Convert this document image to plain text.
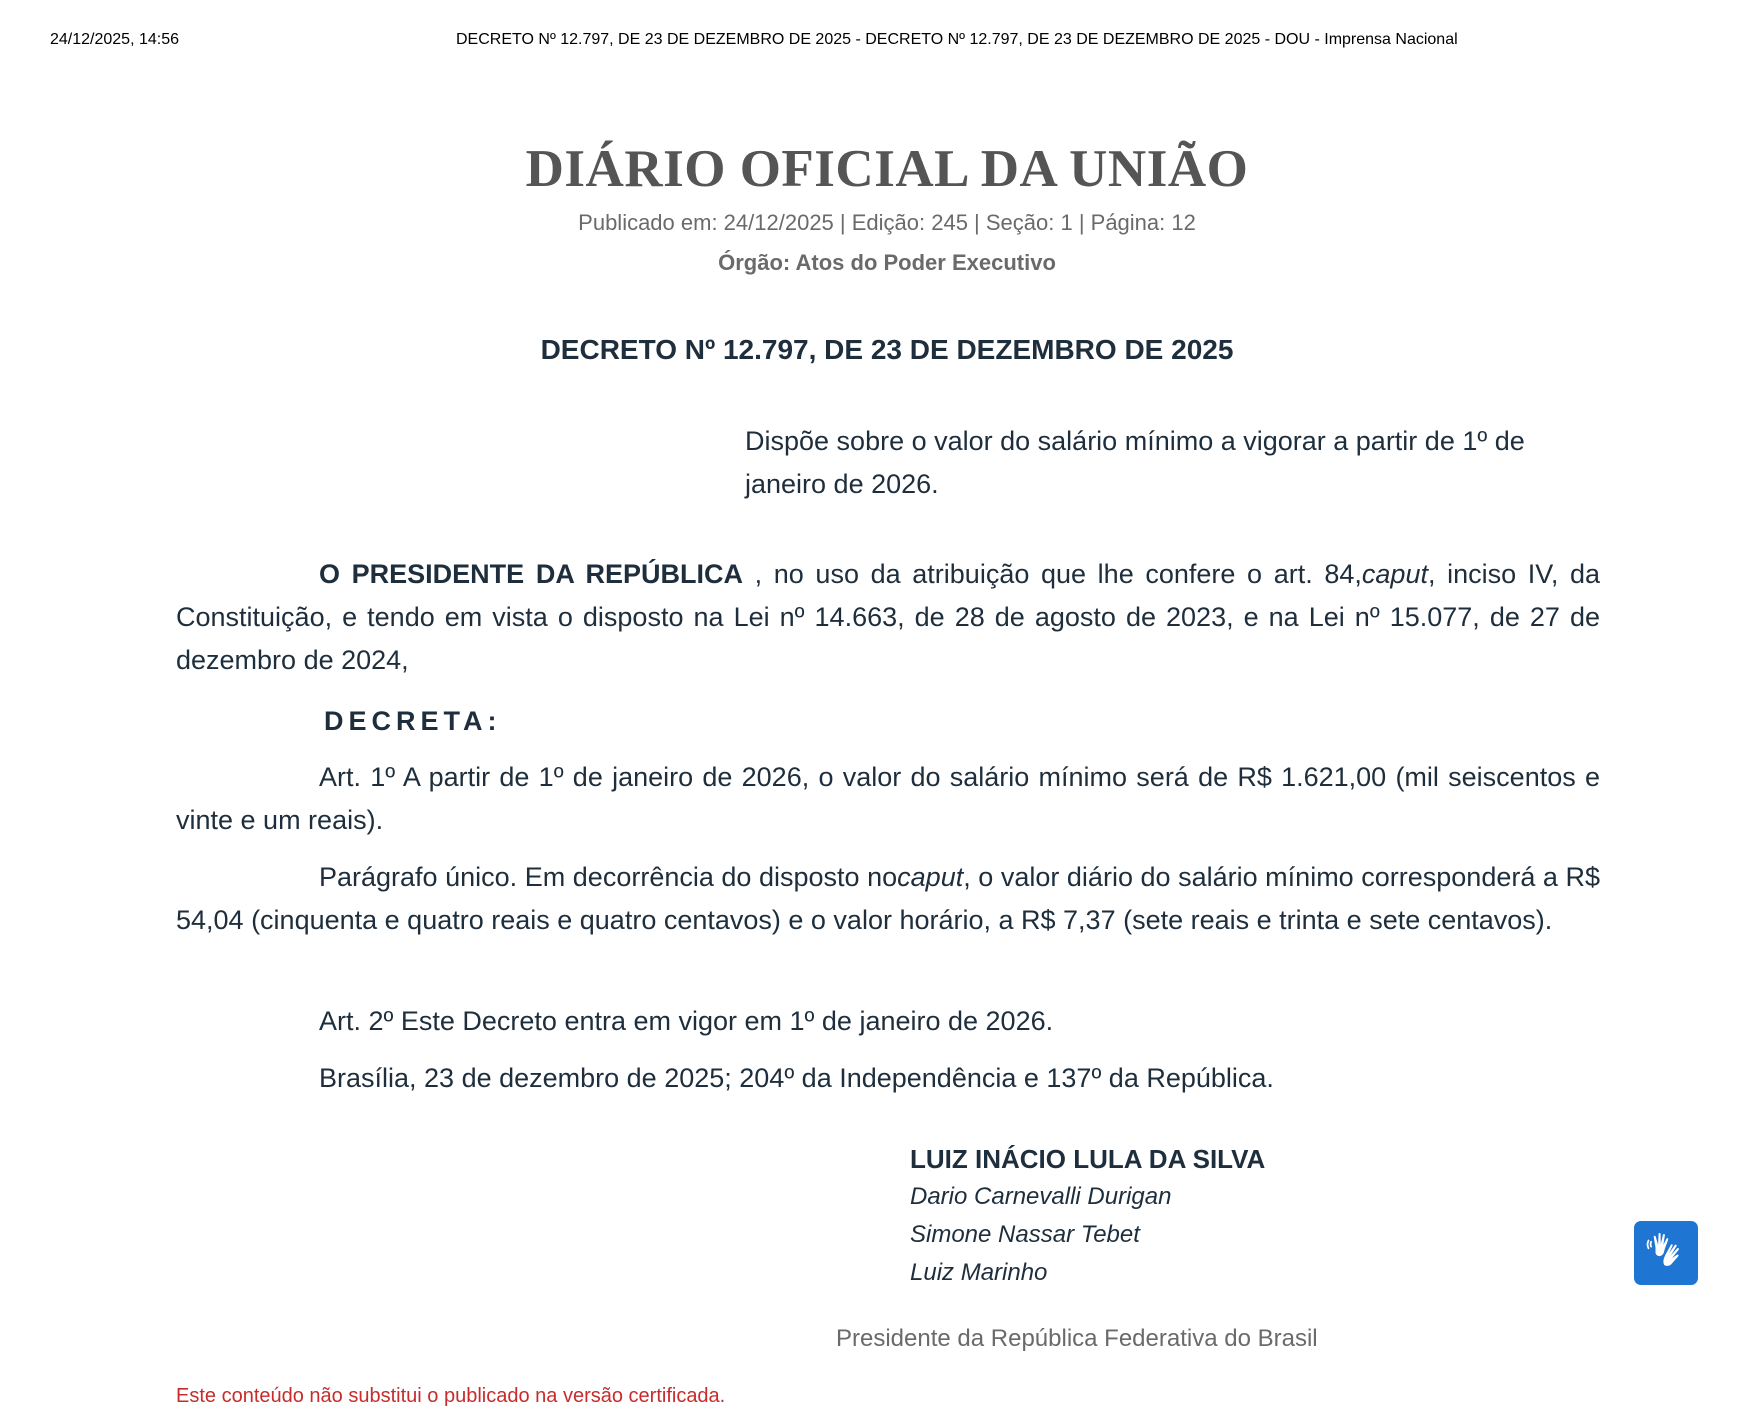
24/12/2025, 14:56	DECRETO Nº 12.797, DE 23 DE DEZEMBRO DE 2025 - DECRETO Nº 12.797, DE 23 DE DEZEMBRO DE 2025 - DOU - Imprensa Nacional
DIÁRIO OFICIAL DA UNIÃO
Publicado em: 24/12/2025 | Edição: 245 | Seção: 1 | Página: 12
Órgão: Atos do Poder Executivo
DECRETO Nº 12.797, DE 23 DE DEZEMBRO DE 2025
Dispõe sobre o valor do salário mínimo a vigorar a partir de 1º de janeiro de 2026.
O PRESIDENTE DA REPÚBLICA , no uso da atribuição que lhe confere o art. 84,caput, inciso IV, da Constituição, e tendo em vista o disposto na Lei nº 14.663, de 28 de agosto de 2023, e na Lei nº 15.077, de 27 de dezembro de 2024,
DECRETA:
Art. 1º A partir de 1º de janeiro de 2026, o valor do salário mínimo será de R$ 1.621,00 (mil seiscentos e vinte e um reais).
Parágrafo único. Em decorrência do disposto nocaput, o valor diário do salário mínimo corresponderá a R$ 54,04 (cinquenta e quatro reais e quatro centavos) e o valor horário, a R$ 7,37 (sete reais e trinta e sete centavos).
Art. 2º Este Decreto entra em vigor em 1º de janeiro de 2026.
Brasília, 23 de dezembro de 2025; 204º da Independência e 137º da República.
LUIZ INÁCIO LULA DA SILVA
Dario Carnevalli Durigan
Simone Nassar Tebet
Luiz Marinho
Presidente da República Federativa do Brasil
Este conteúdo não substitui o publicado na versão certificada.
